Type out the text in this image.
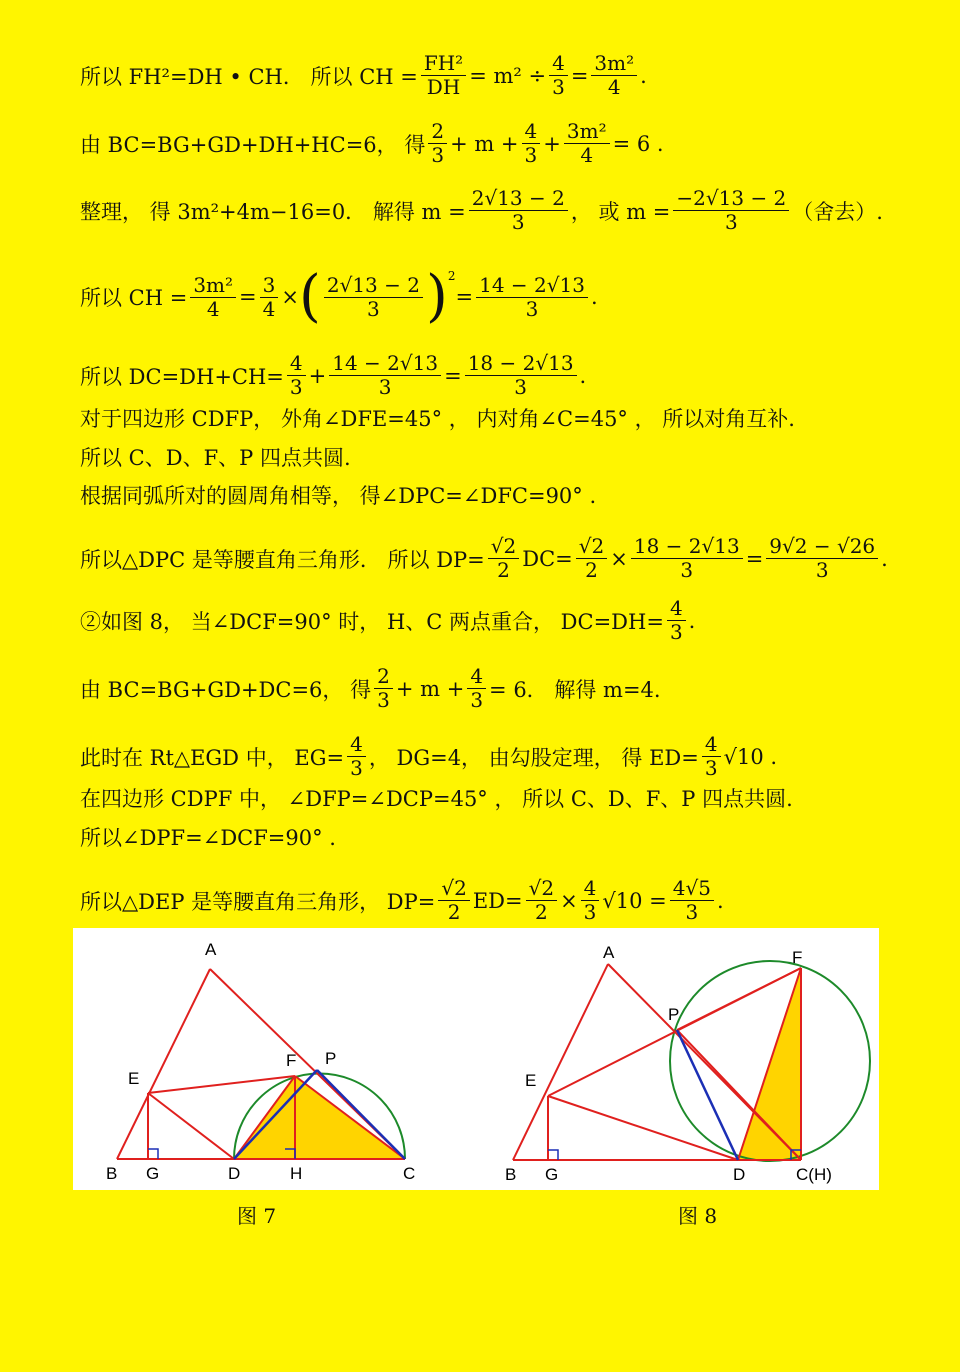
所以 FH²=DH • CH． 所以 CH = $\frac{\text{FH²}}{DH} = m^2 \div \frac{4}{3} = \frac{\text{3m²}}{4}$ .
由 BC=BG+GD+DH+HC=6， 得 $\frac{2}{3} + m + \frac{4}{3} + \frac{\text{3m²}}{4} = 6$ .
整理， 得 3m²+4m−16=0． 解得 $m = \frac{2√13 - 2}{3}$ ， 或 $m = \frac{-2√13 - 2}{3}$ （舍去）.
所以 CH = $\frac{\text{3m²}}{4} = \frac{3}{4}$ × ( $\frac{2√13 - 2}{3} )^2$
= $\frac{14 - 2√13}{3}$ .
所以 $DC=DH+CH= \frac{4}{3} + \frac{14 - 2√13}{3} = \frac{18 - 2√13}{3}$ .
对于四边形 CDFP， 外角∠DFE=45° ， 内对角∠C=45° ， 所以对角互补.
所以 C、D、F、P 四点共圆.
根据同弧所对的圆周角相等， 得∠DPC=∠DFC=90° .
所以△DPC 是等腰直角三角形． 所以 $DP= \frac{√2}{2} DC= \frac{√2}{2} \times \frac{18 - 2√13}{3} = \frac{9√2 - √26}{3}$ .
②如图 8， 当∠DCF=90° 时， H、C 两点重合， $DC=DH= \frac{4}{3}$ .
由 BC=BG+GD+DC=6， 得 $\frac{2}{3} + m + \frac{4}{3} = 6$． 解得 m=4.
此时在 Rt△EGD 中， $EG= \frac{4}{3}$ ， DG=4， 由勾股定理， 得 $ED= \frac{4}{3} √10$ .
在四边形 CDPF 中， ∠DFP=∠DCP=45° ， 所以 C、D、F、P 四点共圆.
所以∠DPF=∠DCF=90° .
所以△DEP 是等腰直角三角形， $DP= \frac{√2}{2} ED= \frac{√2}{2} \times \frac{4}{3} √10 = \frac{4√5}{3}$ .
A
B G	D	H	C
E
F P
A
B G	D	C(H)
E
F
P
图 7	图 8
